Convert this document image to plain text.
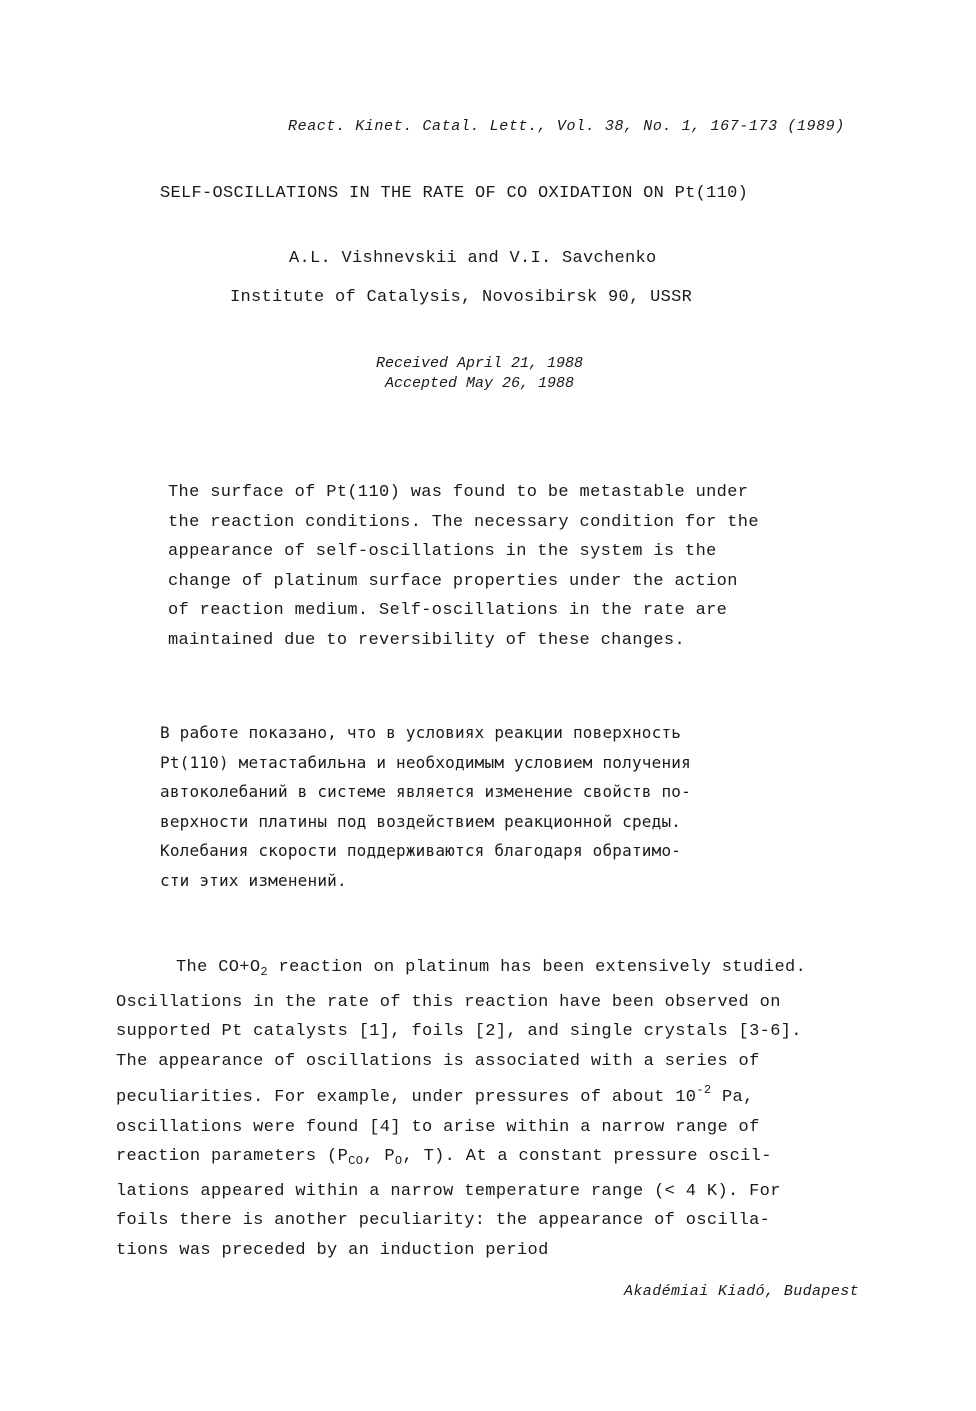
React. Kinet. Catal. Lett., Vol. 38, No. 1, 167-173 (1989)
SELF-OSCILLATIONS IN THE RATE OF CO OXIDATION ON Pt(110)
A.L. Vishnevskii and V.I. Savchenko
Institute of Catalysis, Novosibirsk 90, USSR
Received April 21, 1988
Accepted May 26, 1988
The surface of Pt(110) was found to be metastable under
the reaction conditions. The necessary condition for the
appearance of self-oscillations in the system is the
change of platinum surface properties under the action
of reaction medium. Self-oscillations in the rate are
maintained due to reversibility of these changes.
В работе показано, что в условиях реакции поверхность
Pt(110) метастабильна и необходимым условием получения
автоколебаний в системе является изменение свойств по-
верхности платины под воздействием реакционной среды.
Колебания скорости поддерживаются благодаря обратимо-
сти этих изменений.
The $CO+O_2$ reaction on platinum has been extensively studied.
Oscillations in the rate of this reaction have been observed on
supported Pt catalysts [1], foils [2], and single crystals [3-6].
The appearance of oscillations is associated with a series of
peculiarities. For example, under pressures of about $10^{-2}$ Pa,
oscillations were found [4] to arise within a narrow range of
reaction parameters ($P_{CO}$, $P_O$, T). At a constant pressure oscil-
lations appeared within a narrow temperature range (< 4 K). For
foils there is another peculiarity: the appearance of oscilla-
tions was preceded by an induction period
Akadémiai Kiadó, Budapest
